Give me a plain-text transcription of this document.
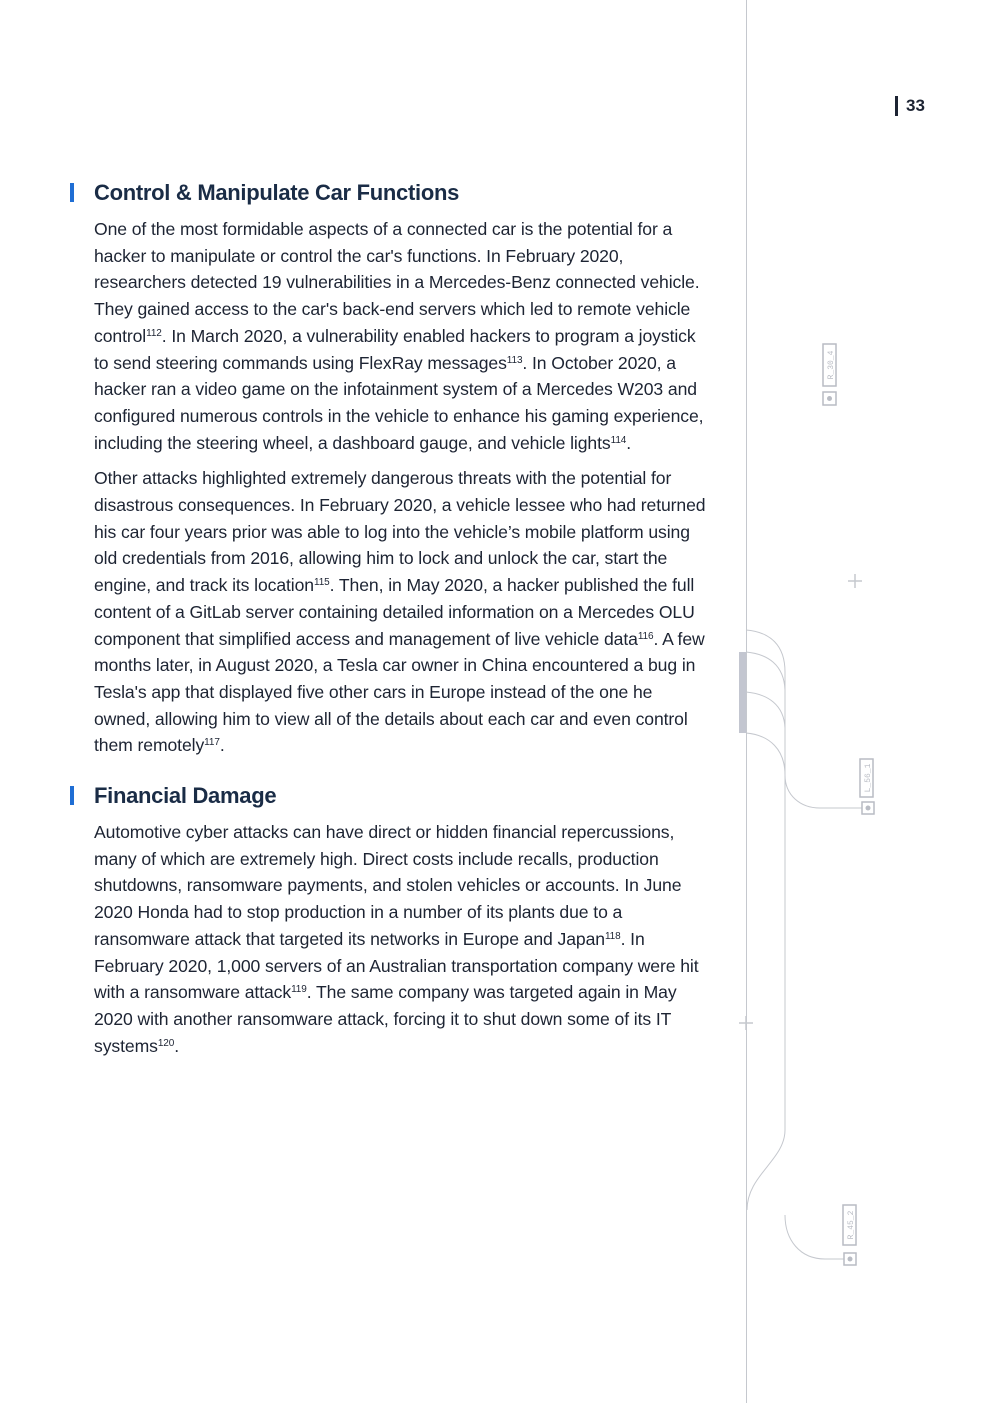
33
Control & Manipulate Car Functions

One of the most formidable aspects of a connected car is the potential for a hacker to manipulate or control the car's functions. In February 2020, researchers detected 19 vulnerabilities in a Mercedes-Benz connected vehicle. They gained access to the car's back-end servers which led to remote vehicle control$^{112}$. In March 2020, a vulnerability enabled hackers to program a joystick to send steering commands using FlexRay messages$^{113}$. In October 2020, a hacker ran a video game on the infotainment system of a Mercedes W203 and configured numerous controls in the vehicle to enhance his gaming experience, including the steering wheel, a dashboard gauge, and vehicle lights$^{114}$.

Other attacks highlighted extremely dangerous threats with the potential for disastrous consequences. In February 2020, a vehicle lessee who had returned his car four years prior was able to log into the vehicle’s mobile platform using old credentials from 2016, allowing him to lock and unlock the car, start the engine, and track its location$^{115}$. Then, in May 2020, a hacker published the full content of a GitLab server containing detailed information on a Mercedes OLU component that simplified access and management of live vehicle data$^{116}$. A few months later, in August 2020, a Tesla car owner in China encountered a bug in Tesla's app that displayed five other cars in Europe instead of the one he owned, allowing him to view all of the details about each car and even control them remotely$^{117}$.

Financial Damage

Automotive cyber attacks can have direct or hidden financial repercussions, many of which are extremely high. Direct costs include recalls, production shutdowns, ransomware payments, and stolen vehicles or accounts. In June 2020 Honda had to stop production in a number of its plants due to a ransomware attack that targeted its networks in Europe and Japan$^{118}$. In February 2020, 1,000 servers of an Australian transportation company were hit with a ransomware attack$^{119}$. The same company was targeted again in May 2020 with another ransomware attack, forcing it to shut down some of its IT systems$^{120}$.

R_30_4
L_56_1
R_45_2
